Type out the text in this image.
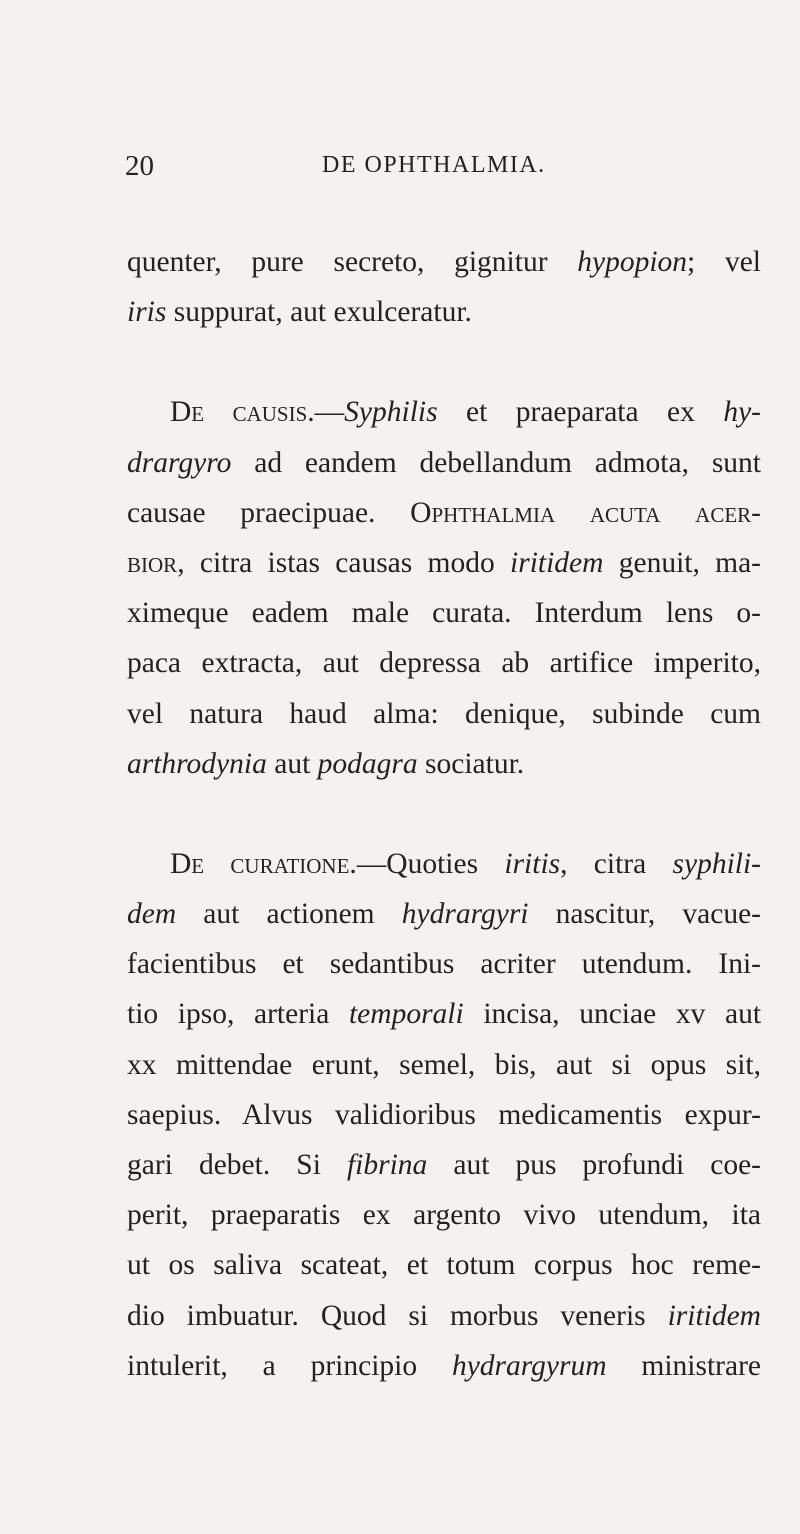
20	DE OPHTHALMIA.
quenter, pure secreto, gignitur hypopion; vel
iris suppurat, aut exulceratur.
De causis.—Syphilis et praeparata ex hy-
drargyro ad eandem debellandum admota, sunt
causae praecipuae. Ophthalmia acuta acer-
bior, citra istas causas modo iritidem genuit, ma-
ximeque eadem male curata. Interdum lens o-
paca extracta, aut depressa ab artifice imperito,
vel natura haud alma: denique, subinde cum
arthrodynia aut podagra sociatur.
De curatione.—Quoties iritis, citra syphili-
dem aut actionem hydrargyri nascitur, vacue-
facientibus et sedantibus acriter utendum. Ini-
tio ipso, arteria temporali incisa, unciae xv aut
xx mittendae erunt, semel, bis, aut si opus sit,
saepius. Alvus validioribus medicamentis expur-
gari debet. Si fibrina aut pus profundi coe-
perit, praeparatis ex argento vivo utendum, ita
ut os saliva scateat, et totum corpus hoc reme-
dio imbuatur. Quod si morbus veneris iritidem
intulerit, a principio hydrargyrum ministrare
